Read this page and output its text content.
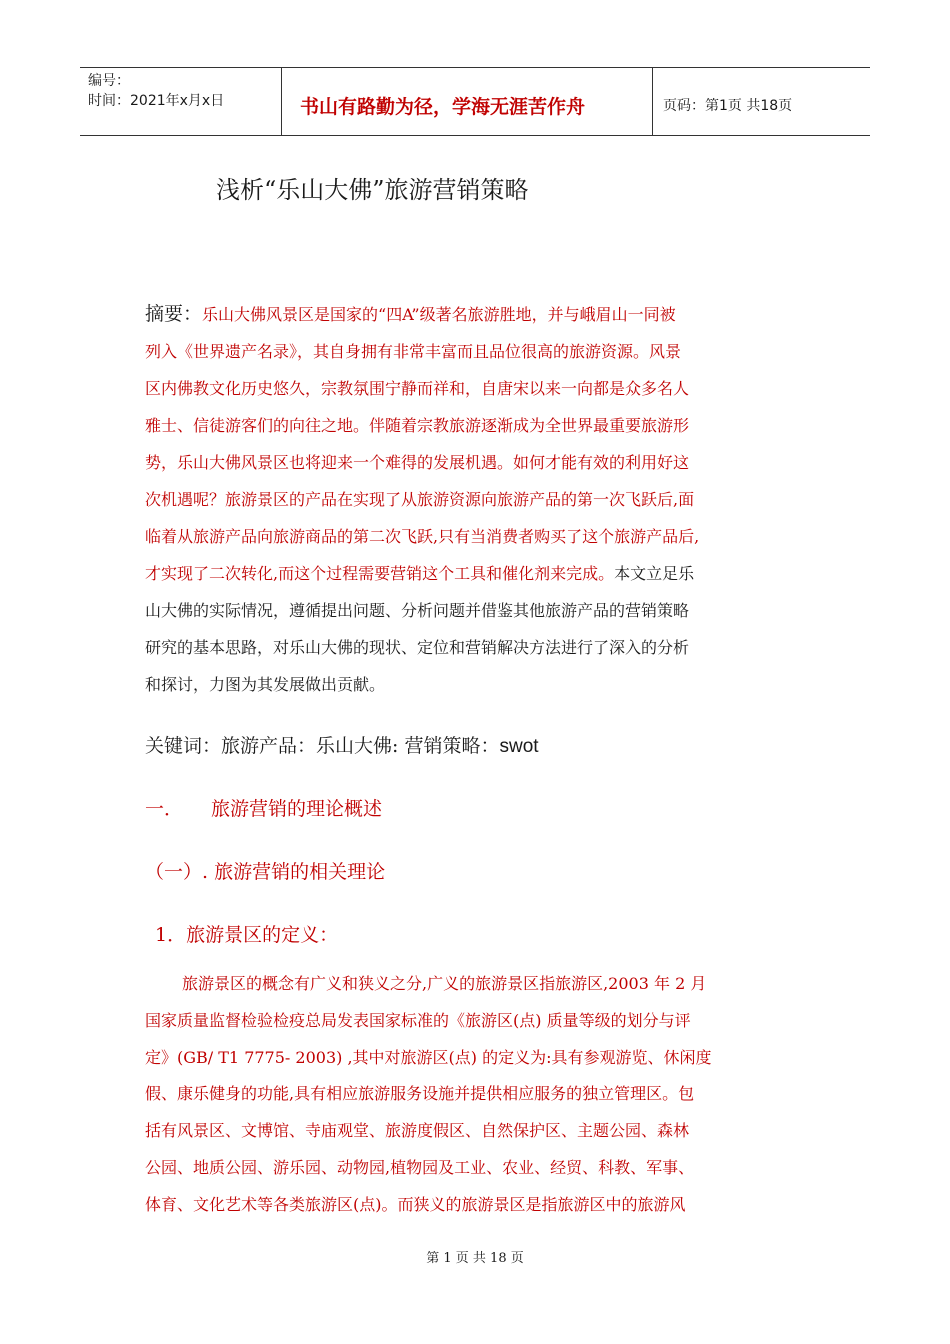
编号：
时间：2021年x月x日	书山有路勤为径，学海无涯苦作舟	页码：第1页 共18页
浅析“乐山大佛”旅游营销策略
摘要：乐山大佛风景区是国家的“四A”级著名旅游胜地，并与峨眉山一同被
列入《世界遗产名录》，其自身拥有非常丰富而且品位很高的旅游资源。风景
区内佛教文化历史悠久，宗教氛围宁静而祥和，自唐宋以来一向都是众多名人
雅士、信徒游客们的向往之地。伴随着宗教旅游逐渐成为全世界最重要旅游形
势，乐山大佛风景区也将迎来一个难得的发展机遇。如何才能有效的利用好这
次机遇呢？旅游景区的产品在实现了从旅游资源向旅游产品的第一次飞跃后,面
临着从旅游产品向旅游商品的第二次飞跃,只有当消费者购买了这个旅游产品后,
才实现了二次转化,而这个过程需要营销这个工具和催化剂来完成。本文立足乐
山大佛的实际情况，遵循提出问题、分析问题并借鉴其他旅游产品的营销策略
研究的基本思路，对乐山大佛的现状、定位和营销解决方法进行了深入的分析
和探讨，力图为其发展做出贡献。
关键词：旅游产品：乐山大佛: 营销策略：swot
一． 旅游营销的理论概述
（一）. 旅游营销的相关理论
1．旅游景区的定义：
旅游景区的概念有广义和狭义之分,广义的旅游景区指旅游区,2003 年 2 月
国家质量监督检验检疫总局发表国家标准的《旅游区(点) 质量等级的划分与评
定》(GB/ T1 7775- 2003) ,其中对旅游区(点) 的定义为:具有参观游览、休闲度
假、康乐健身的功能,具有相应旅游服务设施并提供相应服务的独立管理区。包
括有风景区、文博馆、寺庙观堂、旅游度假区、自然保护区、主题公园、森林
公园、地质公园、游乐园、动物园,植物园及工业、农业、经贸、科教、军事、
体育、文化艺术等各类旅游区(点)。而狭义的旅游景区是指旅游区中的旅游风
第 1 页 共 18 页
